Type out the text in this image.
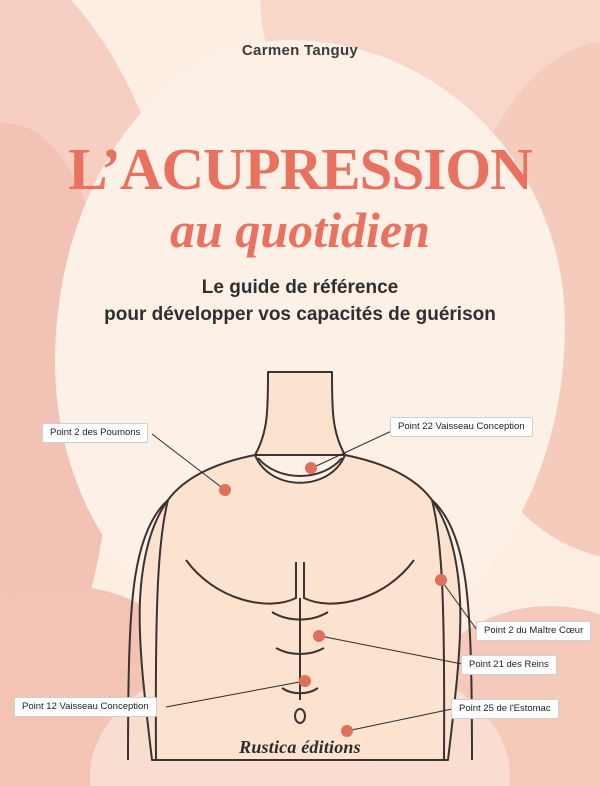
Carmen Tanguy
L’ACUPRESSION
au quotidien
Le guide de référence
pour développer vos capacités de guérison
Rustica éditions
Point 2 des Poumons
Point 22 Vaisseau Conception
Point 2 du Maître Cœur
Point 21 des Reins
Point 12 Vaisseau Conception	Point 25 de l'Estomac
